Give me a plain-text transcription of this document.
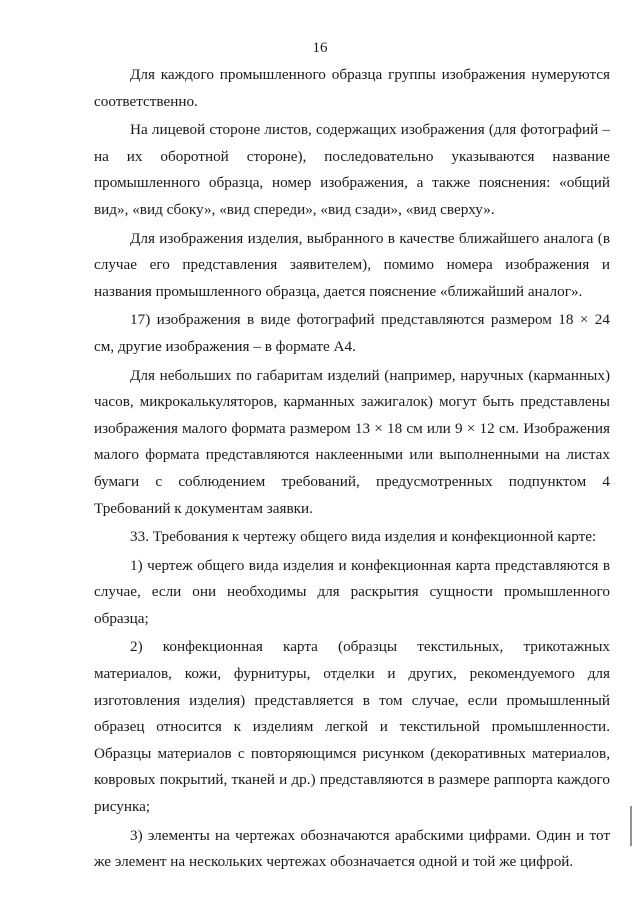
16

Для каждого промышленного образца группы изображения нумеруются соответственно.

На лицевой стороне листов, содержащих изображения (для фотографий – на их оборотной стороне), последовательно указываются название промышленного образца, номер изображения, а также пояснения: «общий вид», «вид сбоку», «вид спереди», «вид сзади», «вид сверху».

Для изображения изделия, выбранного в качестве ближайшего аналога (в случае его представления заявителем), помимо номера изображения и названия промышленного образца, дается пояснение «ближайший аналог».

17) изображения в виде фотографий представляются размером 18 × 24 см, другие изображения – в формате А4.

Для небольших по габаритам изделий (например, наручных (карманных) часов, микрокалькуляторов, карманных зажигалок) могут быть представлены изображения малого формата размером 13 × 18 см или 9 × 12 см. Изображения малого формата представляются наклеенными или выполненными на листах бумаги с соблюдением требований, предусмотренных подпунктом 4 Требований к документам заявки.

33. Требования к чертежу общего вида изделия и конфекционной карте:

1) чертеж общего вида изделия и конфекционная карта представляются в случае, если они необходимы для раскрытия сущности промышленного образца;

2) конфекционная карта (образцы текстильных, трикотажных материалов, кожи, фурнитуры, отделки и других, рекомендуемого для изготовления изделия) представляется в том случае, если промышленный образец относится к изделиям легкой и текстильной промышленности. Образцы материалов с повторяющимся рисунком (декоративных материалов, ковровых покрытий, тканей и др.) представляются в размере раппорта каждого рисунка;

3) элементы на чертежах обозначаются арабскими цифрами. Один и тот же элемент на нескольких чертежах обозначается одной и той же цифрой.
